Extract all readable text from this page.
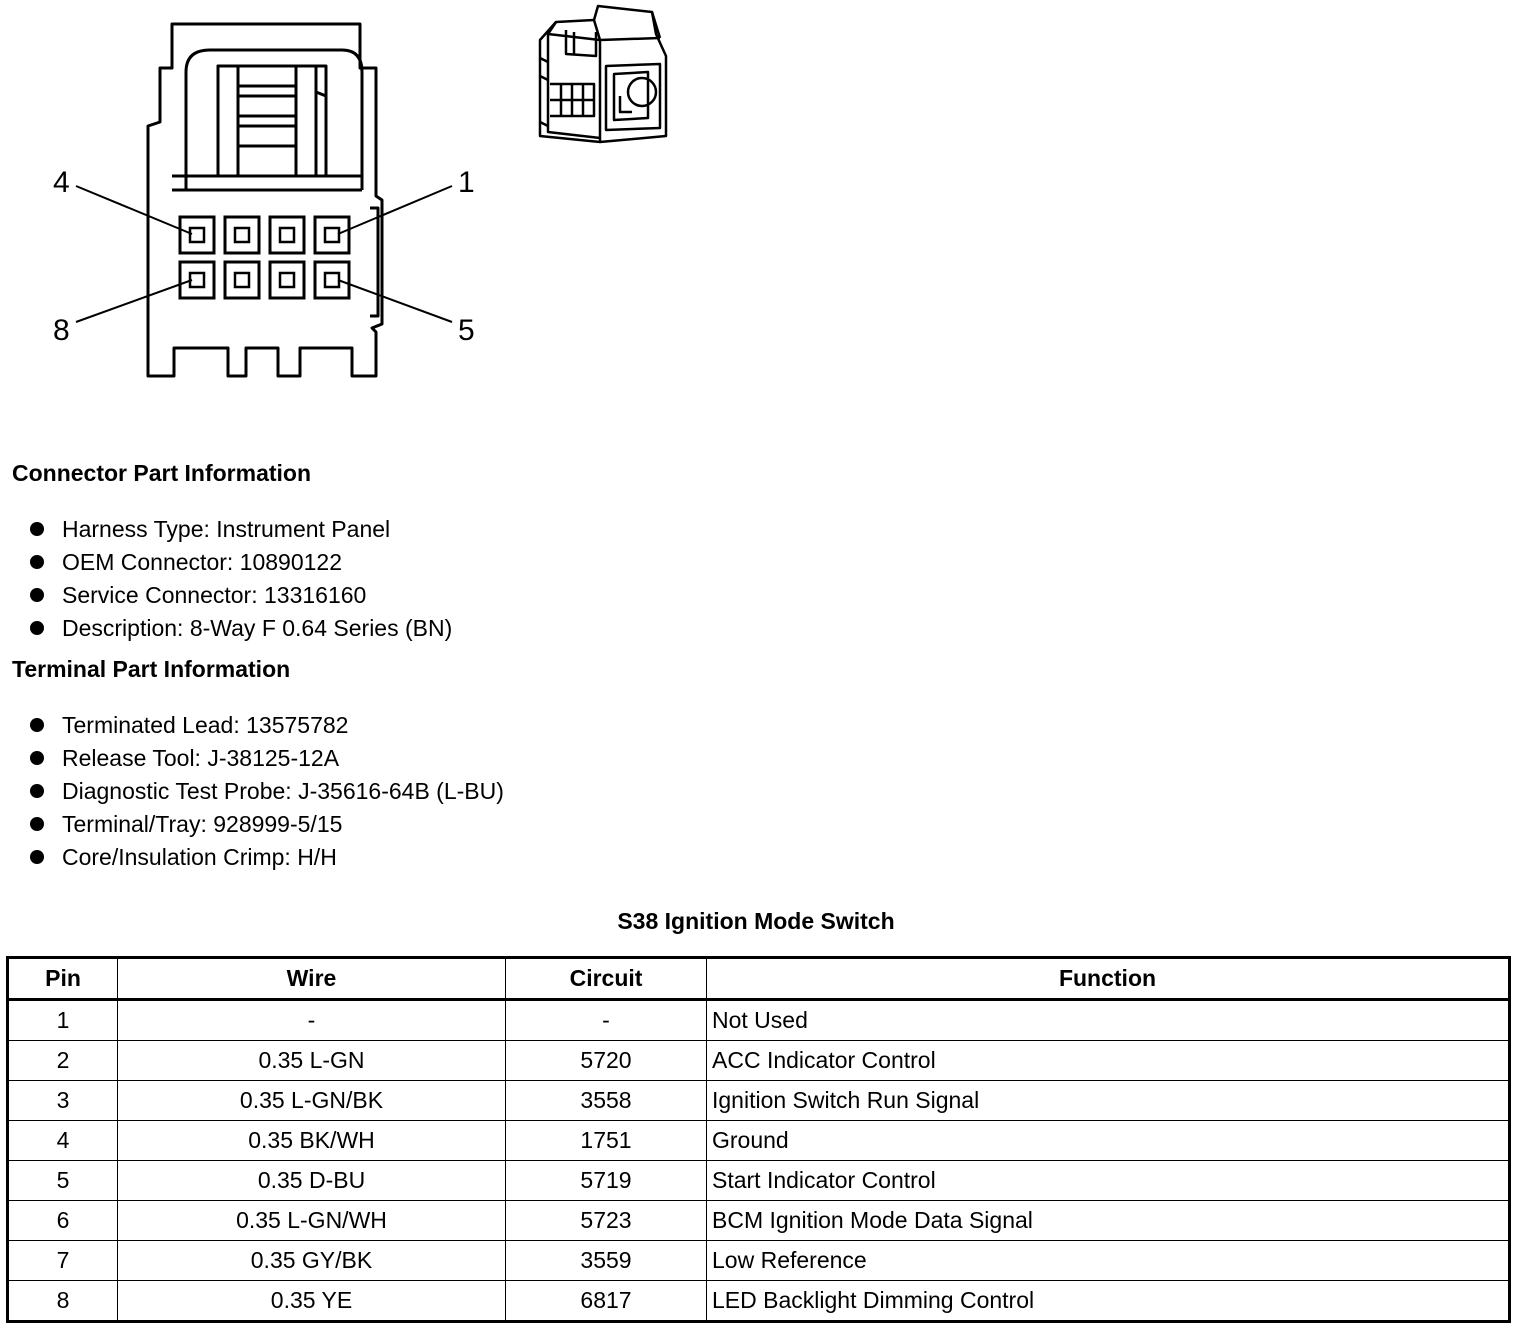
4	1
8	5
Connector Part Information
Harness Type: Instrument Panel
OEM Connector: 10890122
Service Connector: 13316160
Description: 8-Way F 0.64 Series (BN)
Terminal Part Information
Terminated Lead: 13575782
Release Tool: J-38125-12A
Diagnostic Test Probe: J-35616-64B (L-BU)
Terminal/Tray: 928999-5/15
Core/Insulation Crimp: H/H
S38 Ignition Mode Switch
Pin	Wire	Circuit	Function
1	-	-	Not Used
2	0.35 L-GN	5720	ACC Indicator Control
3	0.35 L-GN/BK	3558	Ignition Switch Run Signal
4	0.35 BK/WH	1751	Ground
5	0.35 D-BU	5719	Start Indicator Control
6	0.35 L-GN/WH	5723	BCM Ignition Mode Data Signal
7	0.35 GY/BK	3559	Low Reference
8	0.35 YE	6817	LED Backlight Dimming Control
